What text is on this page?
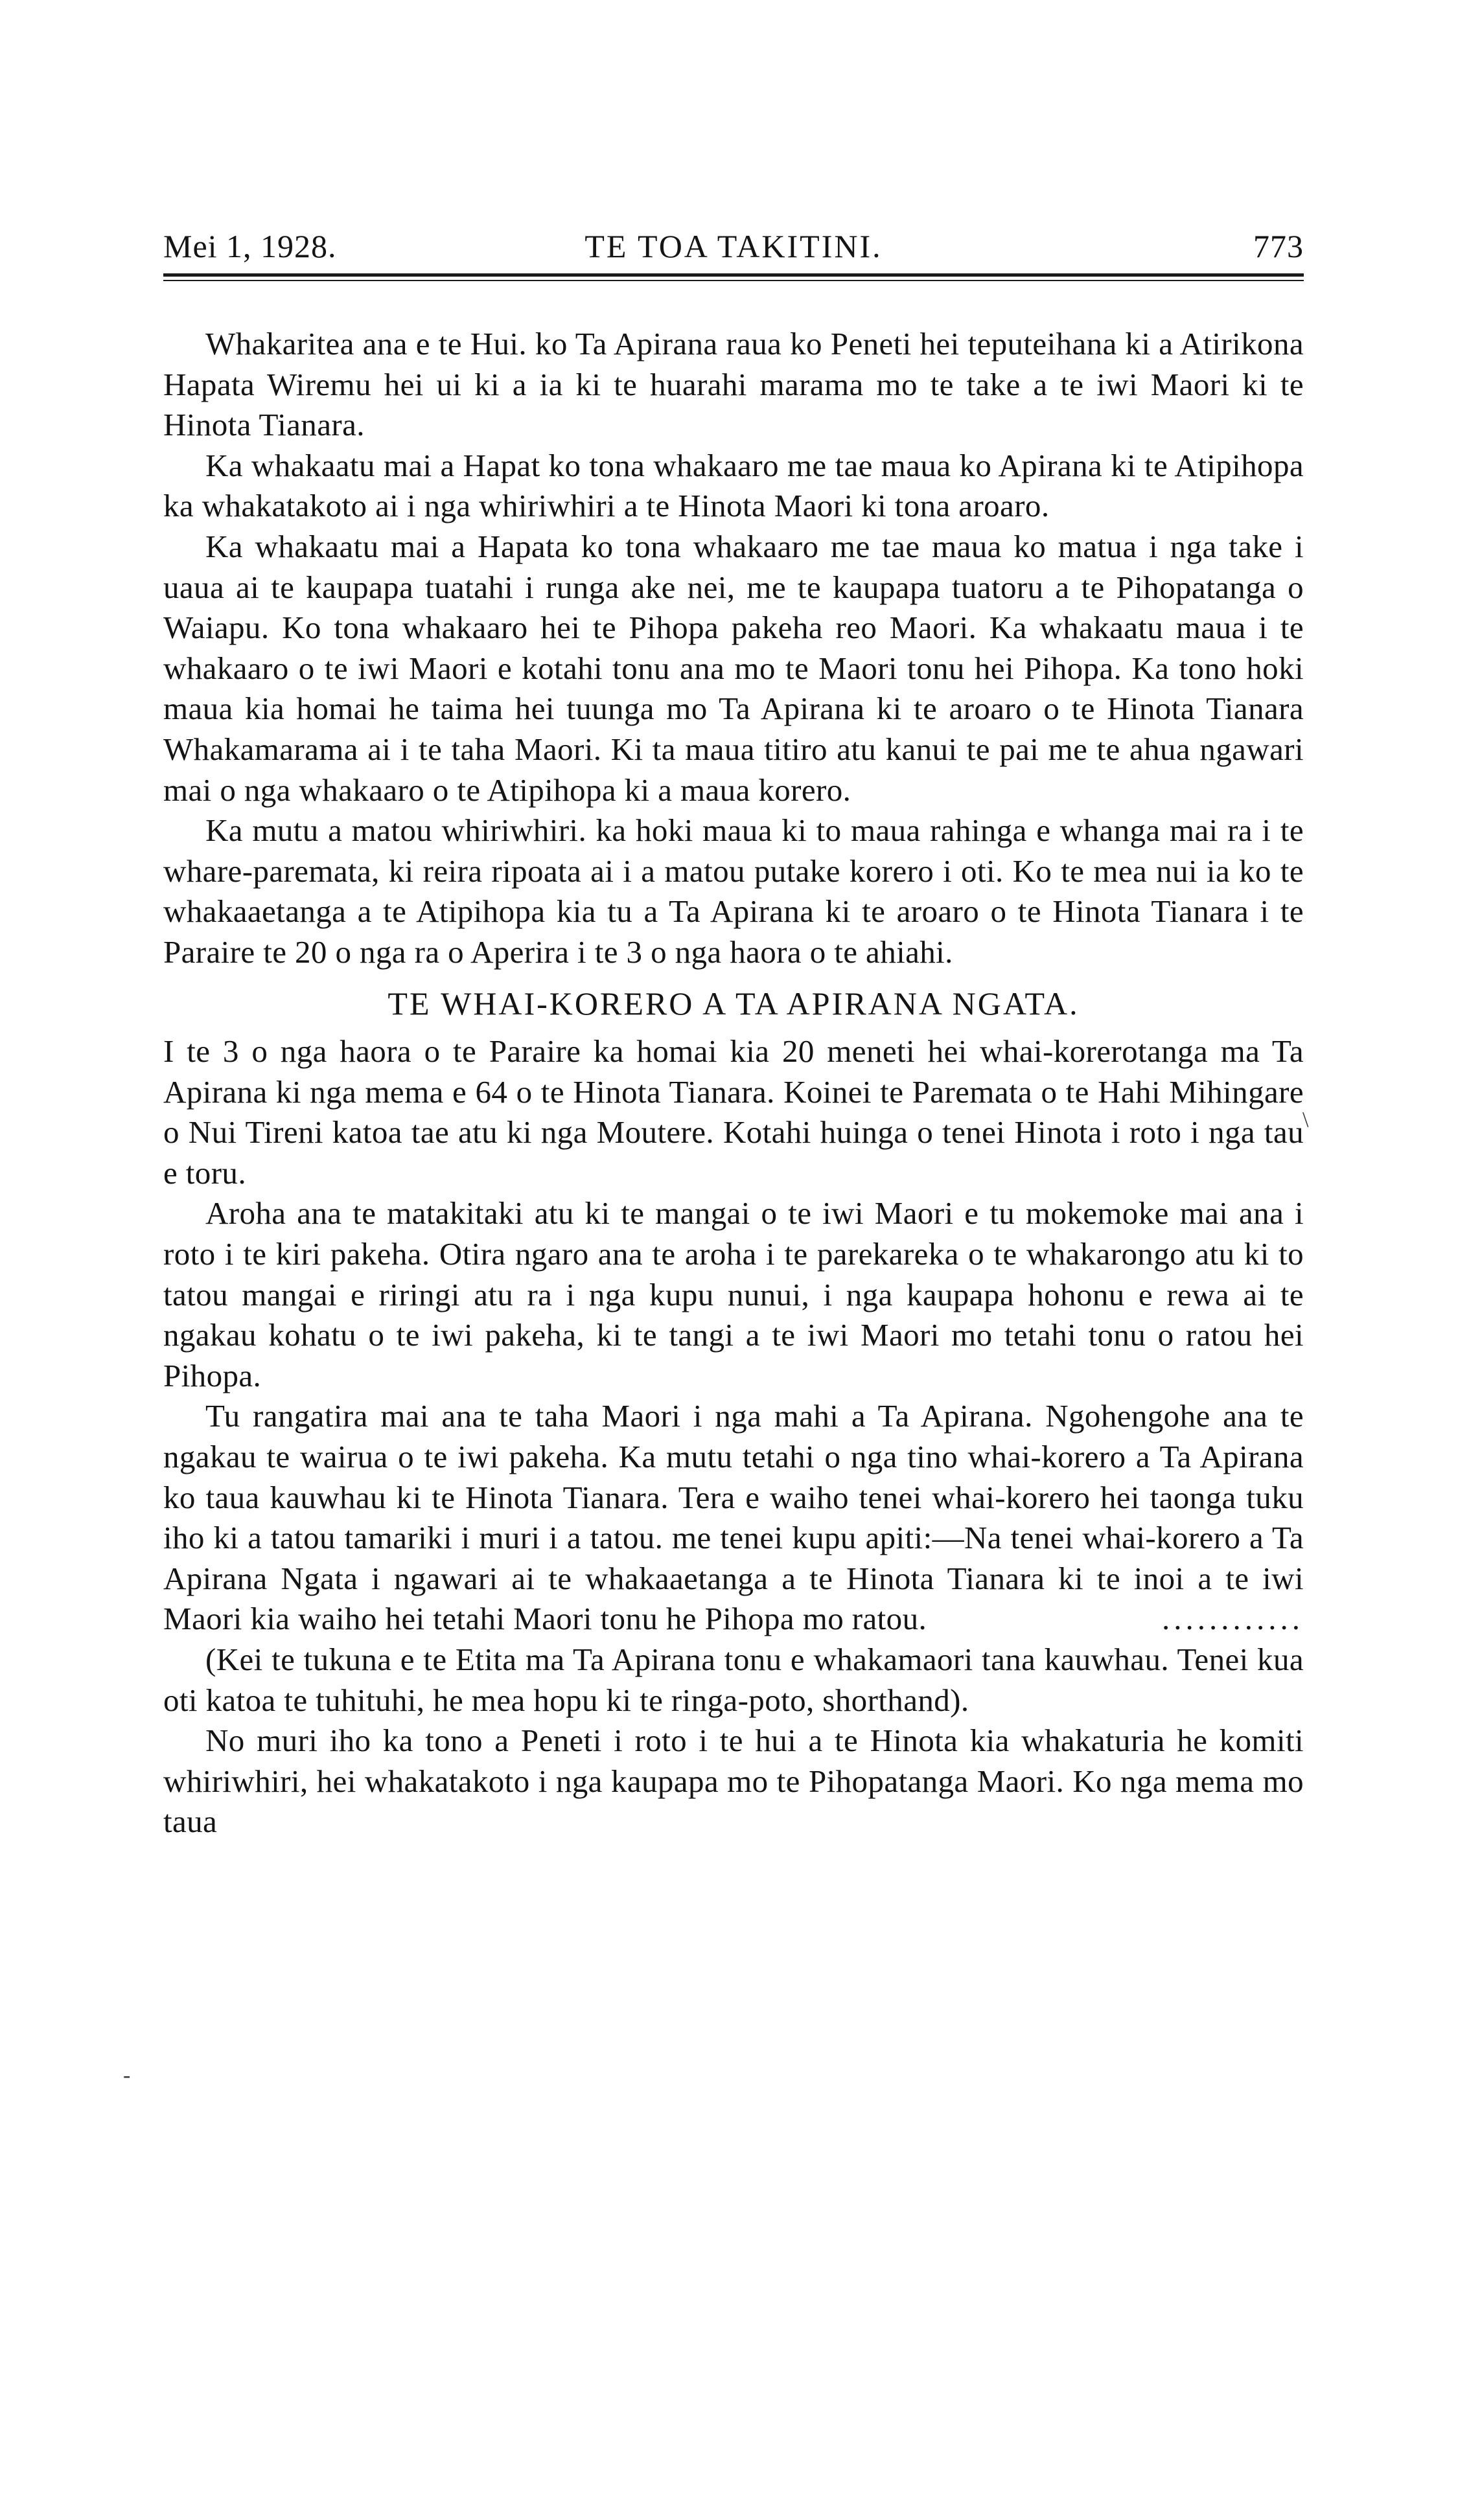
Mei 1, 1928.	TE TOA TAKITINI.	773

Whakaritea ana e te Hui. ko Ta Apirana raua ko Peneti hei teputeihana ki a Atirikona Hapata Wiremu hei ui ki a ia ki te huarahi marama mo te take a te iwi Maori ki te Hinota Tianara.

Ka whakaatu mai a Hapat ko tona whakaaro me tae maua ko Apirana ki te Atipihopa ka whakatakoto ai i nga whiriwhiri a te Hinota Maori ki tona aroaro.

Ka whakaatu mai a Hapata ko tona whakaaro me tae maua ko matua i nga take i uaua ai te kaupapa tuatahi i runga ake nei, me te kaupapa tuatoru a te Pihopatanga o Waiapu. Ko tona whakaaro hei te Pihopa pakeha reo Maori. Ka whakaatu maua i te whakaaro o te iwi Maori e kotahi tonu ana mo te Maori tonu hei Pihopa. Ka tono hoki maua kia homai he taima hei tuunga mo Ta Apirana ki te aroaro o te Hinota Tianara Whakamarama ai i te taha Maori. Ki ta maua titiro atu kanui te pai me te ahua ngawari mai o nga whakaaro o te Atipihopa ki a maua korero.

Ka mutu a matou whiriwhiri. ka hoki maua ki to maua rahinga e whanga mai ra i te whare-paremata, ki reira ripoata ai i a matou putake korero i oti. Ko te mea nui ia ko te whakaaetanga a te Atipihopa kia tu a Ta Apirana ki te aroaro o te Hinota Tianara i te Paraire te 20 o nga ra o Aperira i te 3 o nga haora o te ahiahi.

TE WHAI-KORERO A TA APIRANA NGATA.

I te 3 o nga haora o te Paraire ka homai kia 20 meneti hei whai-korerotanga ma Ta Apirana ki nga mema e 64 o te Hinota Tianara. Koinei te Paremata o te Hahi Mihingare o Nui Tireni katoa tae atu ki nga Moutere. Kotahi huinga o tenei Hinota i roto i nga tau e toru.

Aroha ana te matakitaki atu ki te mangai o te iwi Maori e tu mokemoke mai ana i roto i te kiri pakeha. Otira ngaro ana te aroha i te parekareka o te whakarongo atu ki to tatou mangai e riringi atu ra i nga kupu nunui, i nga kaupapa hohonu e rewa ai te ngakau kohatu o te iwi pakeha, ki te tangi a te iwi Maori mo tetahi tonu o ratou hei Pihopa.

Tu rangatira mai ana te taha Maori i nga mahi a Ta Apirana. Ngohengohe ana te ngakau te wairua o te iwi pakeha. Ka mutu tetahi o nga tino whai-korero a Ta Apirana ko taua kauwhau ki te Hinota Tianara. Tera e waiho tenei whai-korero hei taonga tuku iho ki a tatou tamariki i muri i a tatou. me tenei kupu apiti:—Na tenei whai-korero a Ta Apirana Ngata i ngawari ai te whakaaetanga a te Hinota Tianara ki te inoi a te iwi Maori kia waiho hei tetahi Maori tonu he Pihopa mo ratou.	............

(Kei te tukuna e te Etita ma Ta Apirana tonu e whakamaori tana kauwhau. Tenei kua oti katoa te tuhituhi, he mea hopu ki te ringa-poto, shorthand).

No muri iho ka tono a Peneti i roto i te hui a te Hinota kia whakaturia he komiti whiriwhiri, hei whakatakoto i nga kaupapa mo te Pihopatanga Maori. Ko nga mema mo taua

\
-
